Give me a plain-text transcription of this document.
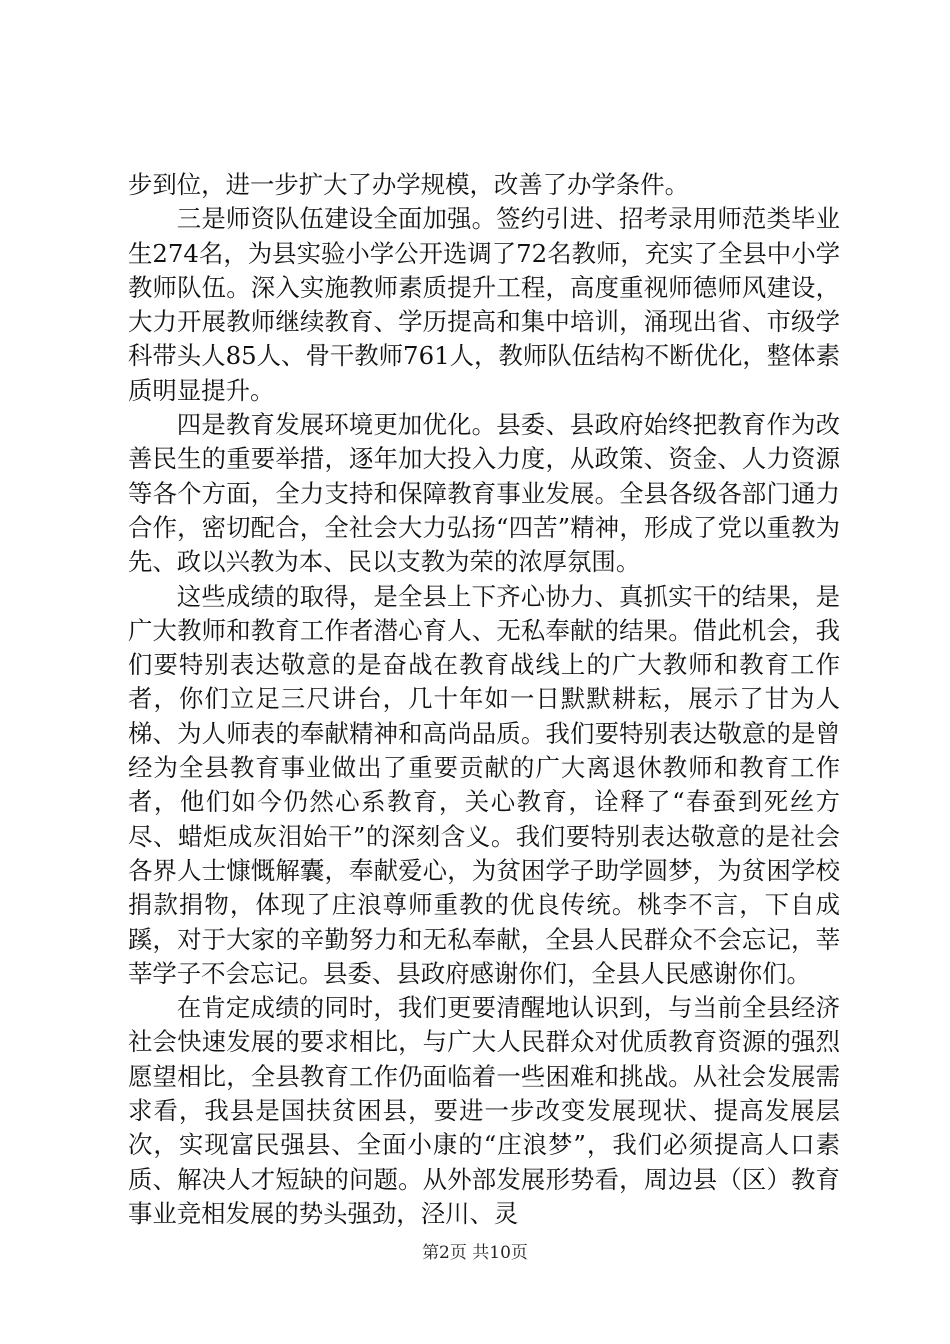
步到位，进一步扩大了办学规模，改善了办学条件。

三是师资队伍建设全面加强。签约引进、招考录用师范类毕业生274名，为县实验小学公开选调了72名教师，充实了全县中小学教师队伍。深入实施教师素质提升工程，高度重视师德师风建设，大力开展教师继续教育、学历提高和集中培训，涌现出省、市级学科带头人85人、骨干教师761人，教师队伍结构不断优化，整体素质明显提升。

四是教育发展环境更加优化。县委、县政府始终把教育作为改善民生的重要举措，逐年加大投入力度，从政策、资金、人力资源等各个方面，全力支持和保障教育事业发展。全县各级各部门通力合作，密切配合，全社会大力弘扬“四苦”精神，形成了党以重教为先、政以兴教为本、民以支教为荣的浓厚氛围。

这些成绩的取得，是全县上下齐心协力、真抓实干的结果，是广大教师和教育工作者潜心育人、无私奉献的结果。借此机会，我们要特别表达敬意的是奋战在教育战线上的广大教师和教育工作者，你们立足三尺讲台，几十年如一日默默耕耘，展示了甘为人梯、为人师表的奉献精神和高尚品质。我们要特别表达敬意的是曾经为全县教育事业做出了重要贡献的广大离退休教师和教育工作者，他们如今仍然心系教育，关心教育，诠释了“春蚕到死丝方尽、蜡炬成灰泪始干”的深刻含义。我们要特别表达敬意的是社会各界人士慷慨解囊，奉献爱心，为贫困学子助学圆梦，为贫困学校捐款捐物，体现了庄浪尊师重教的优良传统。桃李不言，下自成蹊，对于大家的辛勤努力和无私奉献，全县人民群众不会忘记，莘莘学子不会忘记。县委、县政府感谢你们，全县人民感谢你们。

在肯定成绩的同时，我们更要清醒地认识到，与当前全县经济社会快速发展的要求相比，与广大人民群众对优质教育资源的强烈愿望相比，全县教育工作仍面临着一些困难和挑战。从社会发展需求看，我县是国扶贫困县，要进一步改变发展现状、提高发展层次，实现富民强县、全面小康的“庄浪梦”，我们必须提高人口素质、解决人才短缺的问题。从外部发展形势看，周边县（区）教育事业竞相发展的势头强劲，泾川、灵

第2页 共10页
